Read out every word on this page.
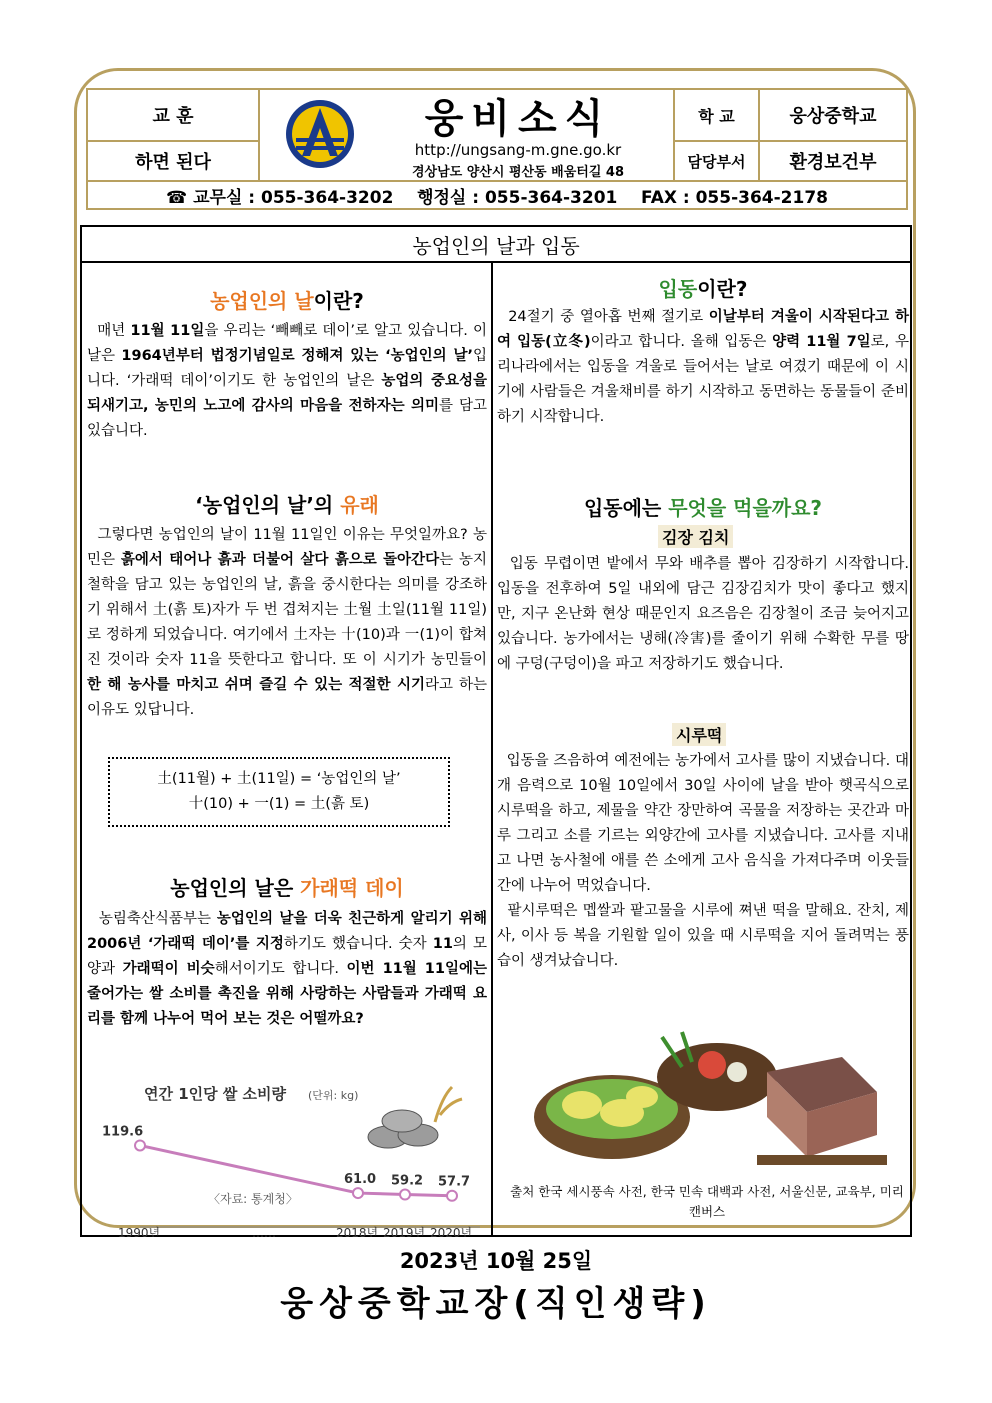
교 훈
하면 된다
웅비소식
http://ungsang-m.gne.go.kr
경상남도 양산시 평산동 배움터길 48
학 교	웅상중학교
담당부서	환경보건부
☎ 교무실 : 055-364-3202    행정실 : 055-364-3201    FAX : 055-364-2178
농업인의 날과 입동
농업인의 날이란?
매년 11월 11일을 우리는 ‘빼빼로 데이’로 알고 있습니다. 이날은 1964년부터 법정기념일로 정해져 있는 ‘농업인의 날’입니다. ‘가래떡 데이’이기도 한 농업인의 날은 농업의 중요성을 되새기고, 농민의 노고에 감사의 마음을 전하자는 의미를 담고 있습니다.
‘농업인의 날’의 유래
그렇다면 농업인의 날이 11월 11일인 이유는 무엇일까요? 농민은 흙에서 태어나 흙과 더불어 살다 흙으로 돌아간다는 농지 철학을 담고 있는 농업인의 날, 흙을 중시한다는 의미를 강조하기 위해서 土(흙 토)자가 두 번 겹쳐지는 土월 土일(11월 11일)로 정하게 되었습니다. 여기에서 土자는 十(10)과 一(1)이 합쳐진 것이라 숫자 11을 뜻한다고 합니다. 또 이 시기가 농민들이 한 해 농사를 마치고 쉬며 즐길 수 있는 적절한 시기라고 하는 이유도 있답니다.
土(11월) + 土(11일) = ‘농업인의 날’
十(10) + 一(1) = 土(흙 토)
농업인의 날은 가래떡 데이
농림축산식품부는 농업인의 날을 더욱 친근하게 알리기 위해 2006년 ‘가래떡 데이’를 지정하기도 했습니다. 숫자 11의 모양과 가래떡이 비슷해서이기도 합니다. 이번 11월 11일에는 줄어가는 쌀 소비를 촉진을 위해 사랑하는 사람들과 가래떡 요리를 함께 나누어 먹어 보는 것은 어떨까요?
연간 1인당 쌀 소비량 (단위: kg)
〈자료: 통계청〉
119.6
61.0 59.2 57.7
1990년	……	2018년 2019년 2020년
입동이란?
24절기 중 열아홉 번째 절기로 이날부터 겨울이 시작된다고 하여 입동(立冬)이라고 합니다. 올해 입동은 양력 11월 7일로, 우리나라에서는 입동을 겨울로 들어서는 날로 여겼기 때문에 이 시기에 사람들은 겨울채비를 하기 시작하고 동면하는 동물들이 준비하기 시작합니다.
입동에는 무엇을 먹을까요?
김장 김치
입동 무렵이면 밭에서 무와 배추를 뽑아 김장하기 시작합니다. 입동을 전후하여 5일 내외에 담근 김장김치가 맛이 좋다고 했지만, 지구 온난화 현상 때문인지 요즈음은 김장철이 조금 늦어지고 있습니다. 농가에서는 냉해(冷害)를 줄이기 위해 수확한 무를 땅에 구덩(구덩이)을 파고 저장하기도 했습니다.
시루떡
입동을 즈음하여 예전에는 농가에서 고사를 많이 지냈습니다. 대개 음력으로 10월 10일에서 30일 사이에 날을 받아 햇곡식으로 시루떡을 하고, 제물을 약간 장만하여 곡물을 저장하는 곳간과 마루 그리고 소를 기르는 외양간에 고사를 지냈습니다. 고사를 지내고 나면 농사철에 애를 쓴 소에게 고사 음식을 가져다주며 이웃들 간에 나누어 먹었습니다.
팥시루떡은 멥쌀과 팥고물을 시루에 쪄낸 떡을 말해요. 잔치, 제사, 이사 등 복을 기원할 일이 있을 때 시루떡을 지어 돌려먹는 풍습이 생겨났습니다.
출처 한국 세시풍속 사전, 한국 민속 대백과 사전, 서울신문, 교육부, 미리 캔버스
2023년 10월 25일
웅상중학교장(직인생략)
